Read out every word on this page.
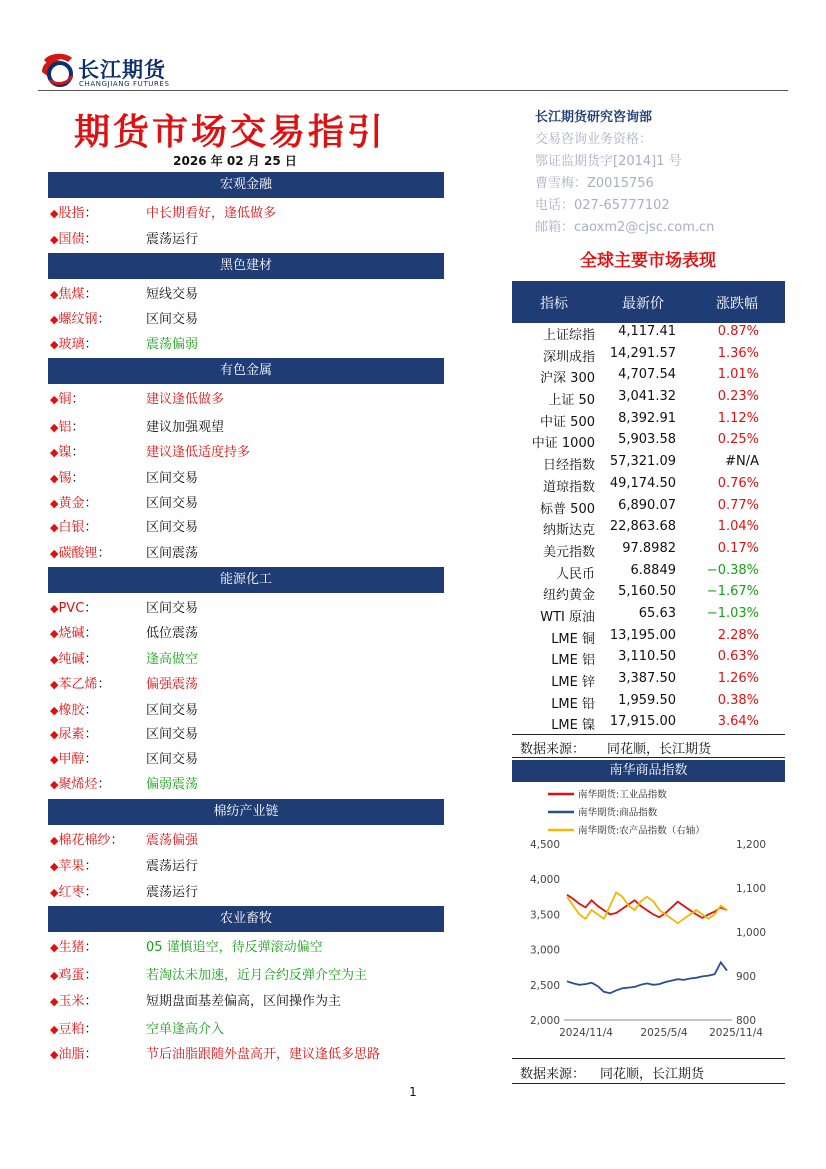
长江期货
CHANGJIANG FUTURES
期货市场交易指引
2026 年 02 月 25 日
宏观金融
◆股指：	中长期看好，逢低做多
◆国债：	震荡运行
黑色建材
◆焦煤：	短线交易
◆螺纹钢：	区间交易
◆玻璃：	震荡偏弱
有色金属
◆铜：	建议逢低做多
◆铝：	建议加强观望
◆镍：	建议逢低适度持多
◆锡：	区间交易
◆黄金：	区间交易
◆白银：	区间交易
◆碳酸锂：	区间震荡
能源化工
◆PVC：	区间交易
◆烧碱：	低位震荡
◆纯碱：	逢高做空
◆苯乙烯：	偏强震荡
◆橡胶：	区间交易
◆尿素：	区间交易
◆甲醇：	区间交易
◆聚烯烃：	偏弱震荡
棉纺产业链
◆棉花棉纱： 震荡偏强
◆苹果：	震荡运行
◆红枣：	震荡运行
农业畜牧
◆生猪：	05 谨慎追空，待反弹滚动偏空
◆鸡蛋：	若淘汰未加速，近月合约反弹介空为主
◆玉米：	短期盘面基差偏高，区间操作为主
◆豆粕：	空单逢高介入
◆油脂：	节后油脂跟随外盘高开，建议逢低多思路
长江期货研究咨询部
交易咨询业务资格：
鄂证监期货字[2014]1 号
曹雪梅：Z0015756
电话：027-65777102
邮箱：caoxm2@cjsc.com.cn
全球主要市场表现
指标	最新价	涨跌幅
上证综指 4,117.41	0.87%
深圳成指 14,291.57	1.36%
沪深 300 4,707.54	1.01%
上证 50 3,041.32	0.23%
中证 500 8,392.91	1.12%
中证 1000 5,903.58	0.25%
日经指数 57,321.09	#N/A
道琼指数 49,174.50	0.76%
标普 500 6,890.07	0.77%
纳斯达克 22,863.68	1.04%
美元指数 97.8982	0.17%
人民币	6.8849 −0.38%
纽约黄金 5,160.50 −1.67%
WTI 原油	65.63 −1.03%
LME 铜 13,195.00	2.28%
LME 铝 3,110.50	0.63%
LME 锌 3,387.50	1.26%
LME 铅 1,959.50	0.38%
LME 镍 17,915.00	3.64%
数据来源： 同花顺，长江期货
南华商品指数
南华期货:工业品指数
南华期货:商品指数
南华期货:农产品指数（右轴）
2,000
2,500
3,000
3,500
4,000
4,500
800
900
1,000
1,100
1,200
2024/11/4	2025/5/4 2025/11/4
数据来源： 同花顺，长江期货
1
